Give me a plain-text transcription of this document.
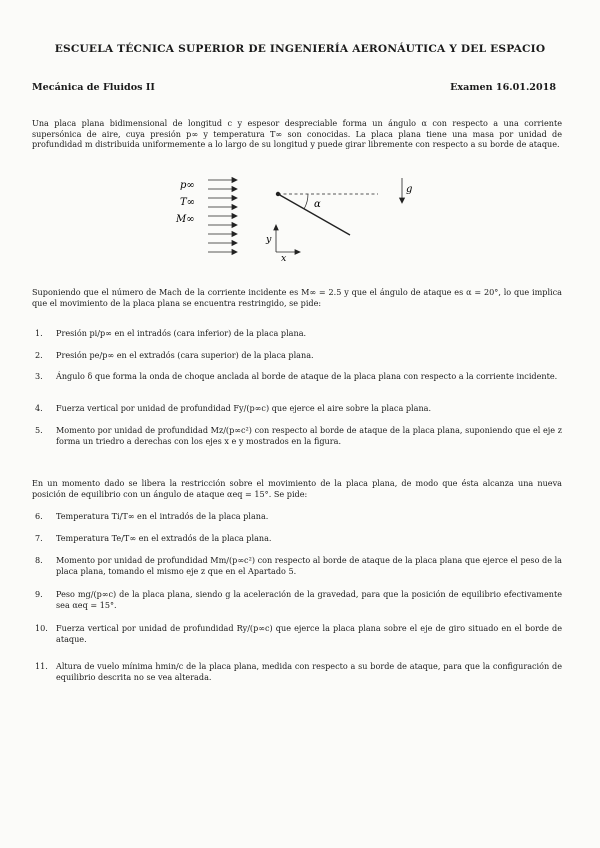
ESCUELA TÉCNICA SUPERIOR DE INGENIERÍA AERONÁUTICA Y DEL ESPACIO
Mecánica de Fluidos II	Examen 16.01.2018

Una placa plana bidimensional de longitud c y espesor despreciable forma un ángulo α con respecto a una corriente supersónica de aire, cuya presión p∞ y temperatura T∞ son conocidas. La placa plana tiene una masa por unidad de profundidad m distribuida uniformemente a lo largo de su longitud y puede girar libremente con respecto a su borde de ataque.

p∞
T∞
M∞
α
g
y
x

Suponiendo que el número de Mach de la corriente incidente es M∞ = 2.5 y que el ángulo de ataque es α = 20°, lo que implica que el movimiento de la placa plana se encuentra restringido, se pide:

1. Presión pi/p∞ en el intradós (cara inferior) de la placa plana.
2. Presión pe/p∞ en el extradós (cara superior) de la placa plana.
3. Ángulo δ que forma la onda de choque anclada al borde de ataque de la placa plana con respecto a la corriente incidente.
4. Fuerza vertical por unidad de profundidad Fy/(p∞c) que ejerce el aire sobre la placa plana.
5. Momento por unidad de profundidad Mz/(p∞c²) con respecto al borde de ataque de la placa plana, suponiendo que el eje z forma un triedro a derechas con los ejes x e y mostrados en la figura.

En un momento dado se libera la restricción sobre el movimiento de la placa plana, de modo que ésta alcanza una nueva posición de equilibrio con un ángulo de ataque αeq = 15°. Se pide:

6. Temperatura Ti/T∞ en el intradós de la placa plana.
7. Temperatura Te/T∞ en el extradós de la placa plana.
8. Momento por unidad de profundidad Mm/(p∞c²) con respecto al borde de ataque de la placa plana que ejerce el peso de la placa plana, tomando el mismo eje z que en el Apartado 5.
9. Peso mg/(p∞c) de la placa plana, siendo g la aceleración de la gravedad, para que la posición de equilibrio efectivamente sea αeq = 15°.
10. Fuerza vertical por unidad de profundidad Ry/(p∞c) que ejerce la placa plana sobre el eje de giro situado en el borde de ataque.
11. Altura de vuelo mínima hmin/c de la placa plana, medida con respecto a su borde de ataque, para que la configuración de equilibrio descrita no se vea alterada.
